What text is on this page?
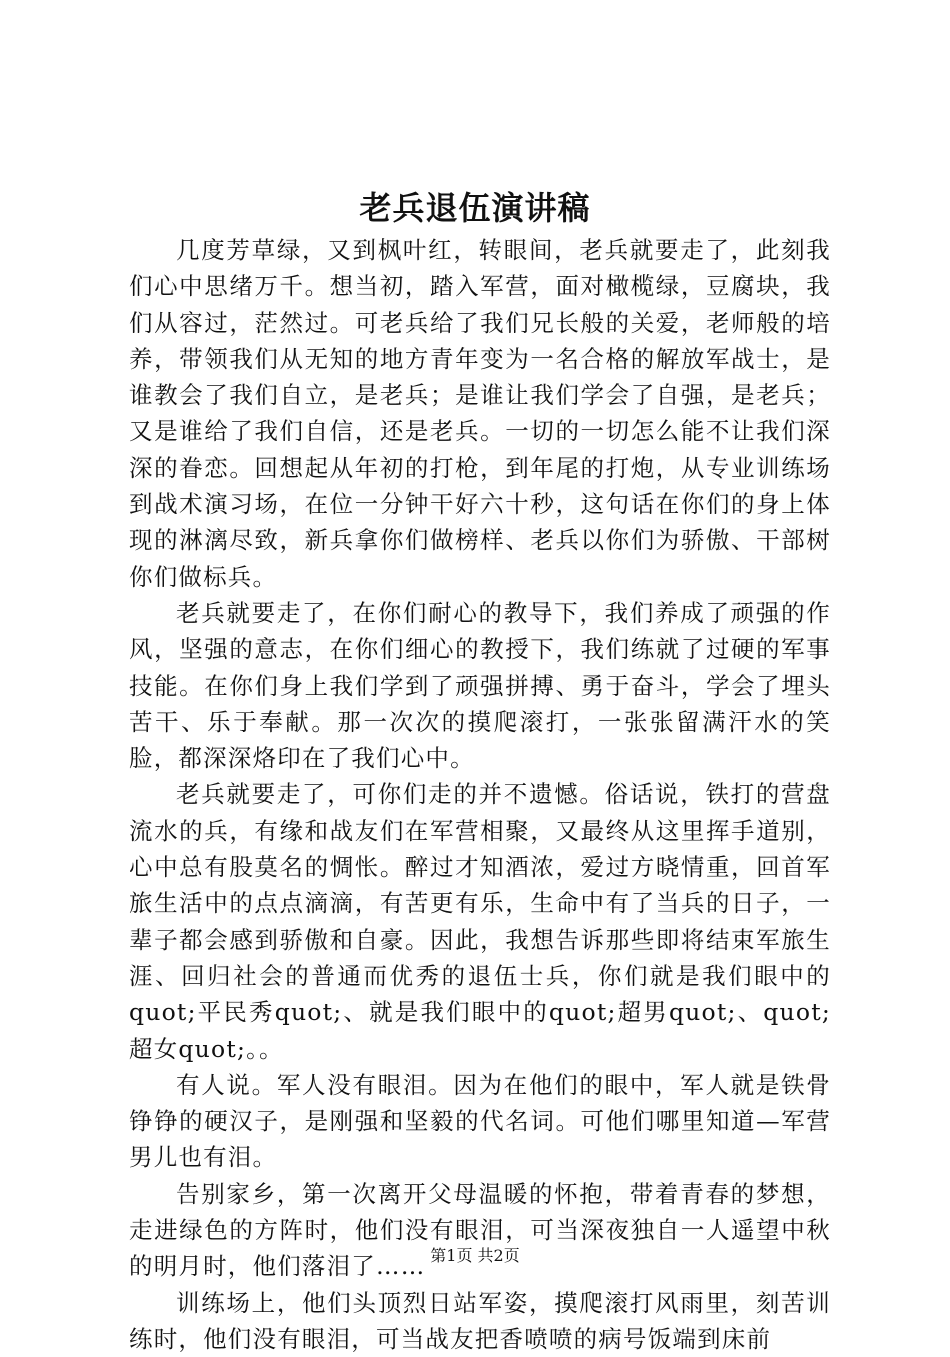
老兵退伍演讲稿

几度芳草绿，又到枫叶红，转眼间，老兵就要走了，此刻我们心中思绪万千。想当初，踏入军营，面对橄榄绿，豆腐块，我们从容过，茫然过。可老兵给了我们兄长般的关爱，老师般的培养，带领我们从无知的地方青年变为一名合格的解放军战士，是谁教会了我们自立，是老兵；是谁让我们学会了自强，是老兵；又是谁给了我们自信，还是老兵。一切的一切怎么能不让我们深深的眷恋。回想起从年初的打枪，到年尾的打炮，从专业训练场到战术演习场，在位一分钟干好六十秒，这句话在你们的身上体现的淋漓尽致，新兵拿你们做榜样、老兵以你们为骄傲、干部树你们做标兵。

老兵就要走了，在你们耐心的教导下，我们养成了顽强的作风，坚强的意志，在你们细心的教授下，我们练就了过硬的军事技能。在你们身上我们学到了顽强拼搏、勇于奋斗，学会了埋头苦干、乐于奉献。那一次次的摸爬滚打，一张张留满汗水的笑脸，都深深烙印在了我们心中。

老兵就要走了，可你们走的并不遗憾。俗话说，铁打的营盘流水的兵，有缘和战友们在军营相聚，又最终从这里挥手道别，心中总有股莫名的惆怅。醉过才知酒浓，爱过方晓情重，回首军旅生活中的点点滴滴，有苦更有乐，生命中有了当兵的日子，一辈子都会感到骄傲和自豪。因此，我想告诉那些即将结束军旅生涯、回归社会的普通而优秀的退伍士兵，你们就是我们眼中的quot;平民秀quot;、就是我们眼中的quot;超男quot;、quot;超女quot;。。

有人说。军人没有眼泪。因为在他们的眼中，军人就是铁骨铮铮的硬汉子，是刚强和坚毅的代名词。可他们哪里知道—军营男儿也有泪。

告别家乡，第一次离开父母温暖的怀抱，带着青春的梦想，走进绿色的方阵时，他们没有眼泪，可当深夜独自一人遥望中秋的明月时，他们落泪了……

训练场上，他们头顶烈日站军姿，摸爬滚打风雨里，刻苦训练时，他们没有眼泪，可当战友把香喷喷的病号饭端到床前

第1页 共2页
